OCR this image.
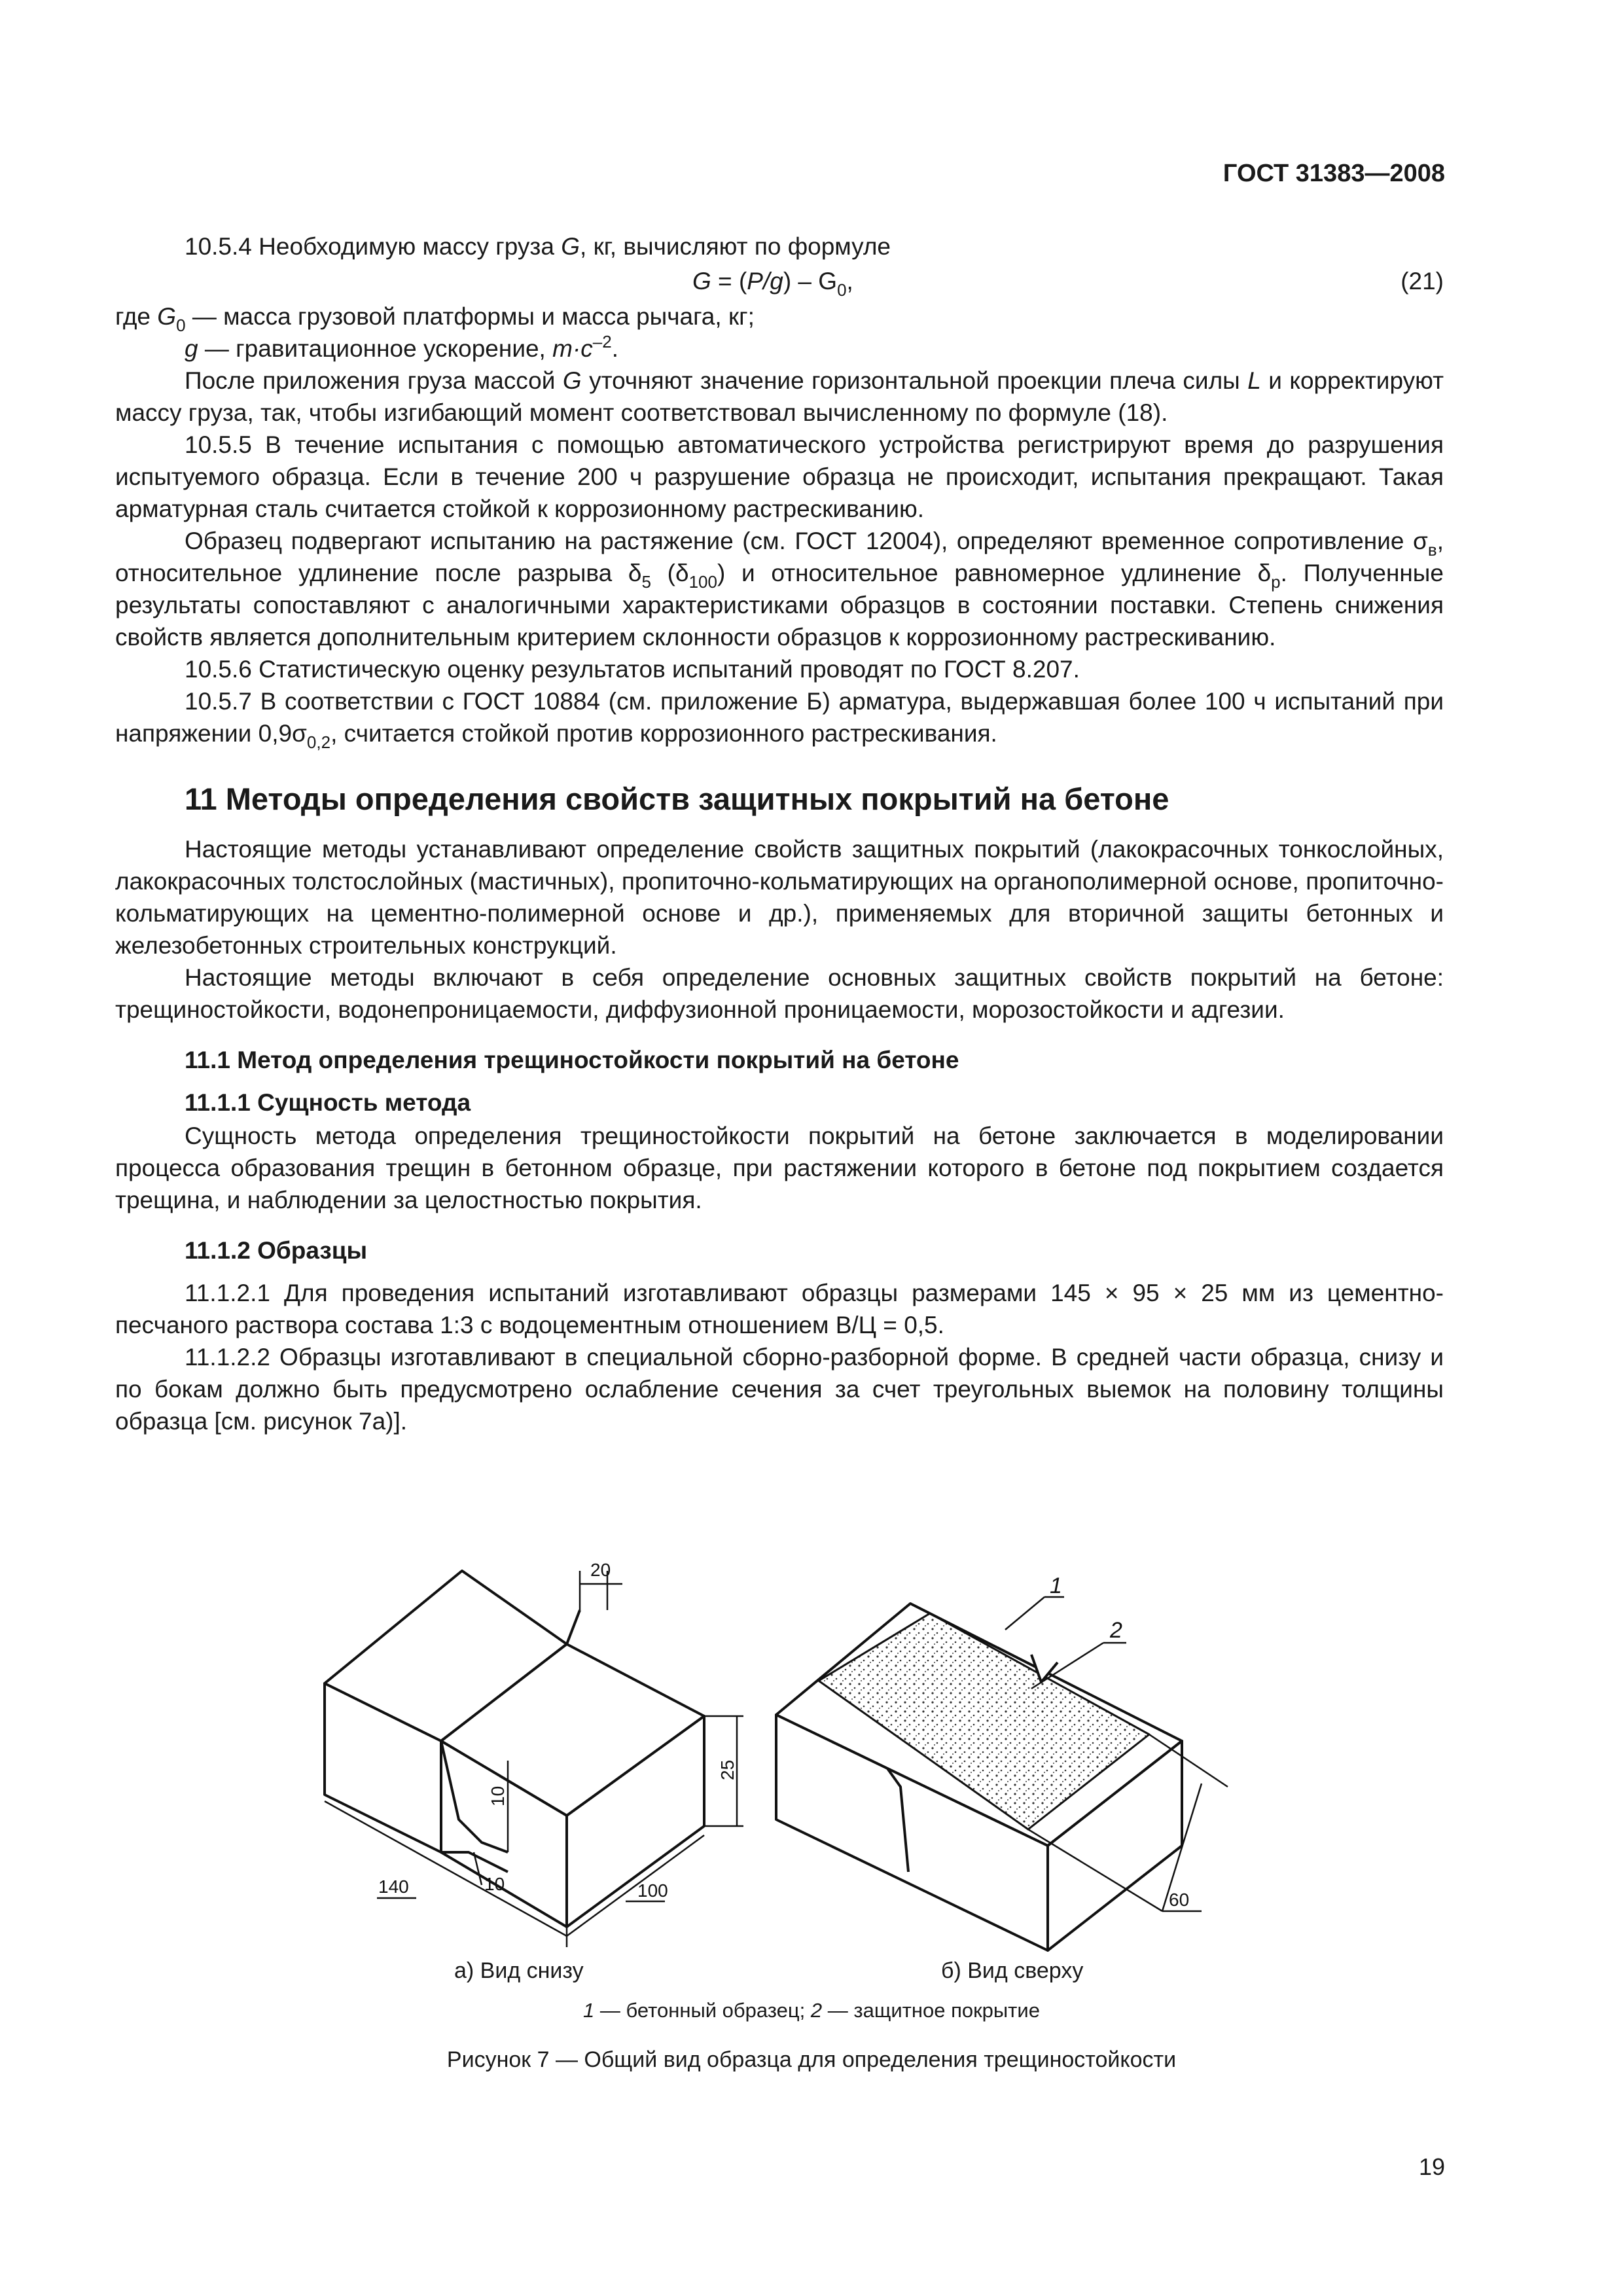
ГОСТ 31383—2008

10.5.4 Необходимую массу груза G, кг, вычисляют по формуле

$G = (P/g) - G_0$,	(21)

где $G_0$ — масса грузовой платформы и масса рычага, кг;

g — гравитационное ускорение, $m\cdot c^{-2}$.

После приложения груза массой G уточняют значение горизонтальной проекции плеча силы L и корректируют массу груза, так, чтобы изгибающий момент соответствовал вычисленному по формуле (18).

10.5.5 В течение испытания с помощью автоматического устройства регистрируют время до разрушения испытуемого образца. Если в течение 200 ч разрушение образца не происходит, испытания прекращают. Такая арматурная сталь считается стойкой к коррозионному растрескиванию.

Образец подвергают испытанию на растяжение (см. ГОСТ 12004), определяют временное сопротивление $\sigma_в$, относительное удлинение после разрыва $\delta_5$ $(\delta_{100})$ и относительное равномерное удлинение $\delta_р$. Полученные результаты сопоставляют с аналогичными характеристиками образцов в состоянии поставки. Степень снижения свойств является дополнительным критерием склонности образцов к коррозионному растрескиванию.

10.5.6 Статистическую оценку результатов испытаний проводят по ГОСТ 8.207.

10.5.7 В соответствии с ГОСТ 10884 (см. приложение Б) арматура, выдержавшая более 100 ч испытаний при напряжении $0,9\sigma_{0,2}$, считается стойкой против коррозионного растрескивания.

11 Методы определения свойств защитных покрытий на бетоне

Настоящие методы устанавливают определение свойств защитных покрытий (лакокрасочных тонкослойных, лакокрасочных толстослойных (мастичных), пропиточно-кольматирующих на органополимерной основе, пропиточно-кольматирующих на цементно-полимерной основе и др.), применяемых для вторичной защиты бетонных и железобетонных строительных конструкций.

Настоящие методы включают в себя определение основных защитных свойств покрытий на бетоне: трещиностойкости, водонепроницаемости, диффузионной проницаемости, морозостойкости и адгезии.

11.1 Метод определения трещиностойкости покрытий на бетоне
11.1.1 Сущность метода

Сущность метода определения трещиностойкости покрытий на бетоне заключается в моделировании процесса образования трещин в бетонном образце, при растяжении которого в бетоне под покрытием создается трещина, и наблюдении за целостностью покрытия.

11.1.2 Образцы

11.1.2.1 Для проведения испытаний изготавливают образцы размерами 145 × 95 × 25 мм из цементно-песчаного раствора состава 1:3 с водоцементным отношением В/Ц = 0,5.

11.1.2.2 Образцы изготавливают в специальной сборно-разборной форме. В средней части образца, снизу и по бокам должно быть предусмотрено ослабление сечения за счет треугольных выемок на половину толщины образца [см. рисунок 7а)].

20
25
10
10
140	100
1
2
60
а) Вид снизу	б) Вид сверху
1 — бетонный образец; 2 — защитное покрытие
Рисунок 7 — Общий вид образца для определения трещиностойкости
19
